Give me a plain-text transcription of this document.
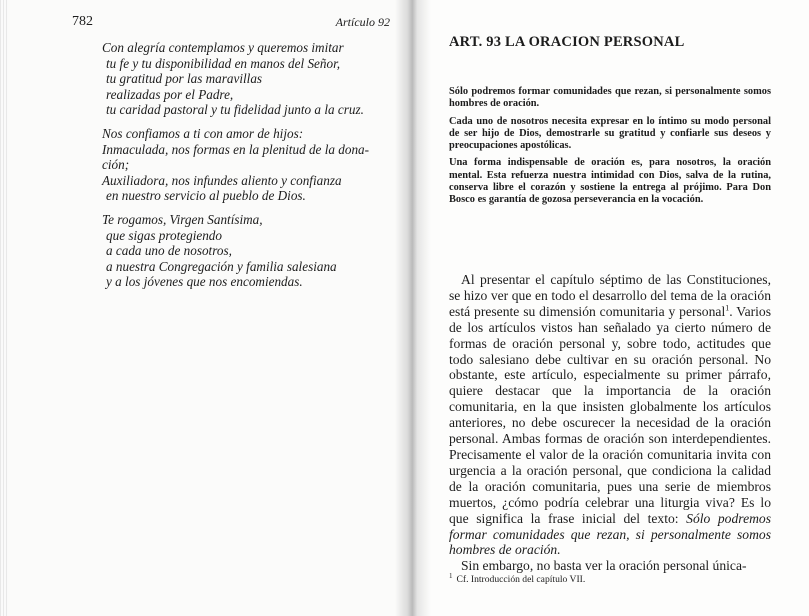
782	Artículo 92
Con alegría contemplamos y queremos imitar
tu fe y tu disponibilidad en manos del Señor,
tu gratitud por las maravillas
realizadas por el Padre,
tu caridad pastoral y tu fidelidad junto a la cruz.
Nos confiamos a ti con amor de hijos:
Inmaculada, nos formas en la plenitud de la dona-
ción;
Auxiliadora, nos infundes aliento y confianza
en nuestro servicio al pueblo de Dios.
Te rogamos, Virgen Santísima,
que sigas protegiendo
a cada uno de nosotros,
a nuestra Congregación y familia salesiana
y a los jóvenes que nos encomiendas.
ART. 93 LA ORACION PERSONAL

Sólo podremos formar comunidades que rezan, si personalmente somos hombres de oración.

Cada uno de nosotros necesita expresar en lo íntimo su modo personal de ser hijo de Dios, demostrarle su gratitud y confiarle sus deseos y preocupaciones apostólicas.

Una forma indispensable de oración es, para nosotros, la oración mental. Esta refuerza nuestra intimidad con Dios, salva de la rutina, conserva libre el corazón y sostiene la entrega al prójimo. Para Don Bosco es garantía de gozosa perseverancia en la vocación.

Al presentar el capítulo séptimo de las Constituciones, se hizo ver que en todo el desarrollo del tema de la oración está presente su dimensión comunitaria y personal$^1$. Varios de los artículos vistos han señalado ya cierto número de formas de oración personal y, sobre todo, actitudes que todo salesiano debe cultivar en su oración personal. No obstante, este artículo, especialmente su primer párrafo, quiere destacar que la importancia de la oración comunitaria, en la que insisten globalmente los artículos anteriores, no debe oscurecer la necesidad de la oración personal. Ambas formas de oración son interdependientes. Precisamente el valor de la oración comunitaria invita con urgencia a la oración personal, que condiciona la calidad de la oración comunitaria, pues una serie de miembros muertos, ¿cómo podría celebrar una liturgia viva? Es lo que significa la frase inicial del texto: Sólo podremos formar comunidades que rezan, si personalmente somos hombres de oración.

Sin embargo, no basta ver la oración personal única-

$^1$ Cf. Introducción del capítulo VII.
